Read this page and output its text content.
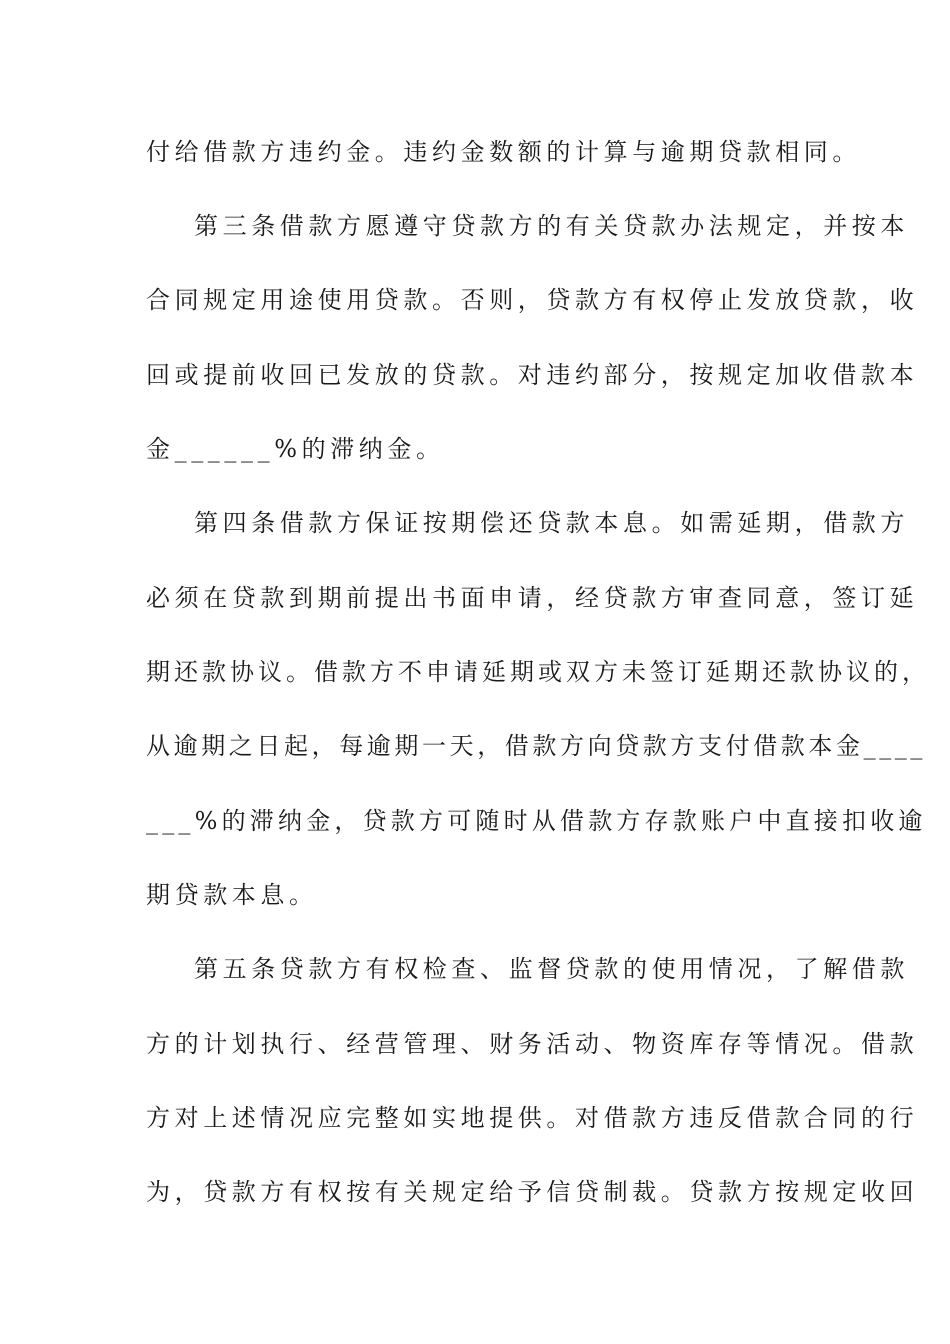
付给借款方违约金。违约金数额的计算与逾期贷款相同。
第三条借款方愿遵守贷款方的有关贷款办法规定，并按本
合同规定用途使用贷款。否则，贷款方有权停止发放贷款，收
回或提前收回已发放的贷款。对违约部分，按规定加收借款本
金______%的滞纳金。
第四条借款方保证按期偿还贷款本息。如需延期，借款方
必须在贷款到期前提出书面申请，经贷款方审查同意，签订延
期还款协议。借款方不申请延期或双方未签订延期还款协议的，
从逾期之日起，每逾期一天，借款方向贷款方支付借款本金____
___%的滞纳金，贷款方可随时从借款方存款账户中直接扣收逾
期贷款本息。
第五条贷款方有权检查、监督贷款的使用情况，了解借款
方的计划执行、经营管理、财务活动、物资库存等情况。借款
方对上述情况应完整如实地提供。对借款方违反借款合同的行
为，贷款方有权按有关规定给予信贷制裁。贷款方按规定收回
